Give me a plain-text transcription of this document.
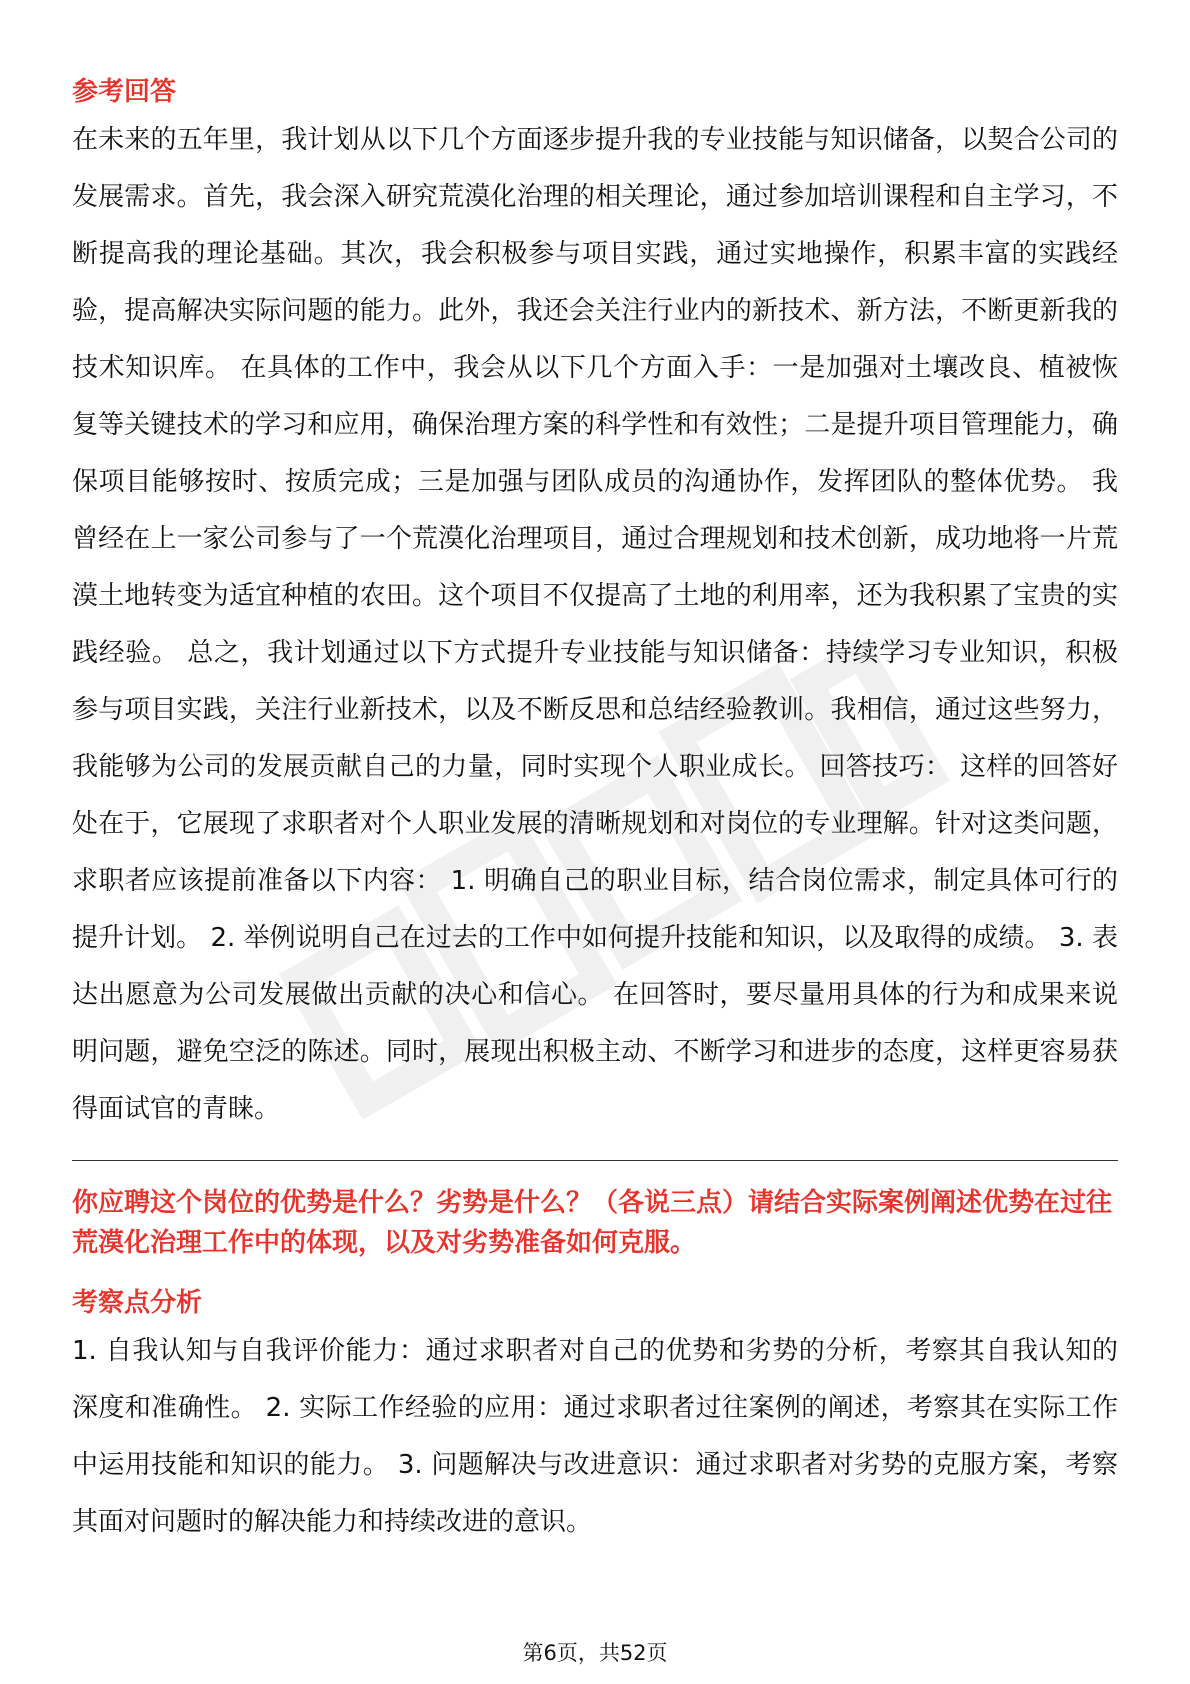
参考回答

在未来的五年里，我计划从以下几个方面逐步提升我的专业技能与知识储备，以契合公司的发展需求。首先，我会深入研究荒漠化治理的相关理论，通过参加培训课程和自主学习，不断提高我的理论基础。其次，我会积极参与项目实践，通过实地操作，积累丰富的实践经验，提高解决实际问题的能力。此外，我还会关注行业内的新技术、新方法，不断更新我的技术知识库。 在具体的工作中，我会从以下几个方面入手：一是加强对土壤改良、植被恢复等关键技术的学习和应用，确保治理方案的科学性和有效性；二是提升项目管理能力，确保项目能够按时、按质完成；三是加强与团队成员的沟通协作，发挥团队的整体优势。 我曾经在上一家公司参与了一个荒漠化治理项目，通过合理规划和技术创新，成功地将一片荒漠土地转变为适宜种植的农田。这个项目不仅提高了土地的利用率，还为我积累了宝贵的实践经验。 总之，我计划通过以下方式提升专业技能与知识储备：持续学习专业知识，积极参与项目实践，关注行业新技术，以及不断反思和总结经验教训。我相信，通过这些努力，我能够为公司的发展贡献自己的力量，同时实现个人职业成长。 回答技巧： 这样的回答好处在于，它展现了求职者对个人职业发展的清晰规划和对岗位的专业理解。针对这类问题，求职者应该提前准备以下内容： 1. 明确自己的职业目标，结合岗位需求，制定具体可行的提升计划。 2. 举例说明自己在过去的工作中如何提升技能和知识，以及取得的成绩。 3. 表达出愿意为公司发展做出贡献的决心和信心。 在回答时，要尽量用具体的行为和成果来说明问题，避免空泛的陈述。同时，展现出积极主动、不断学习和进步的态度，这样更容易获得面试官的青睐。

你应聘这个岗位的优势是什么？劣势是什么？（各说三点）请结合实际案例阐述优势在过往荒漠化治理工作中的体现，以及对劣势准备如何克服。

考察点分析

1. 自我认知与自我评价能力：通过求职者对自己的优势和劣势的分析，考察其自我认知的深度和准确性。 2. 实际工作经验的应用：通过求职者过往案例的阐述，考察其在实际工作中运用技能和知识的能力。 3. 问题解决与改进意识：通过求职者对劣势的克服方案，考察其面对问题时的解决能力和持续改进的意识。

第6页，共52页
